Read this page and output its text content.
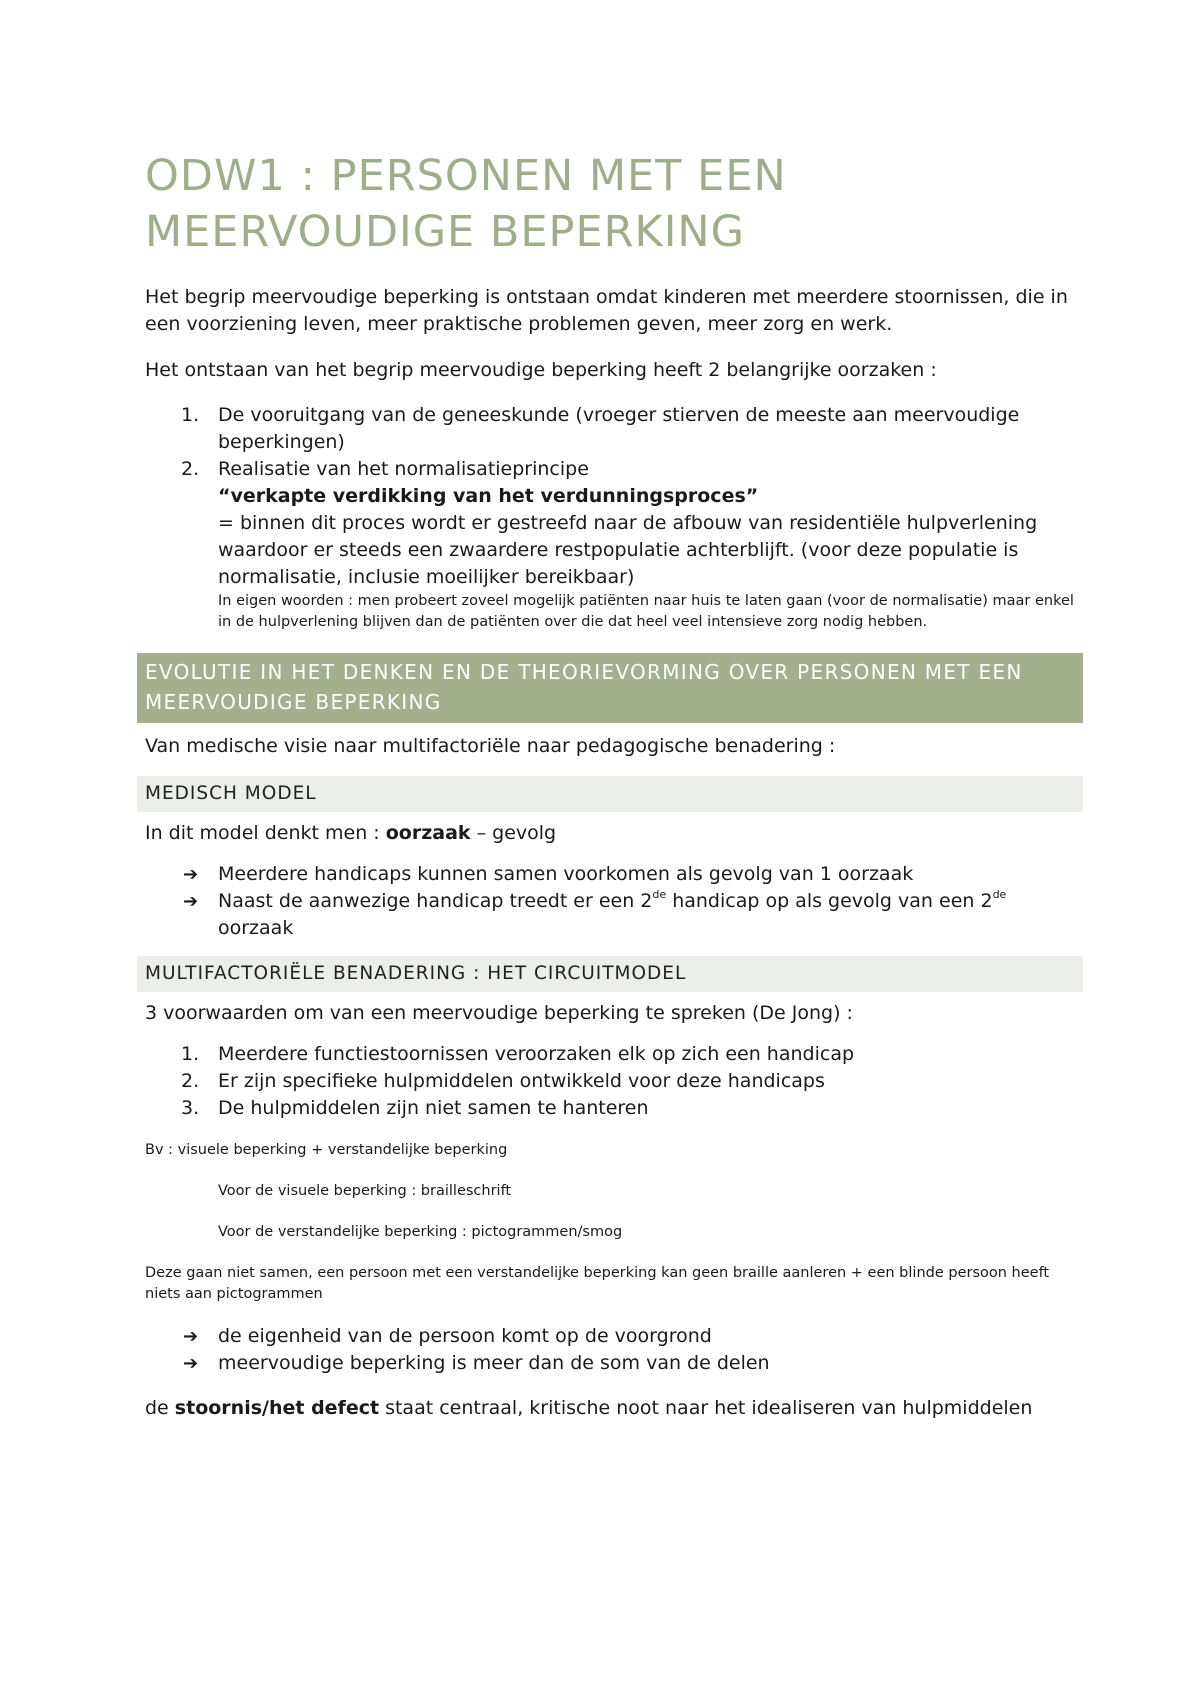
ODW1 : PERSONEN MET EEN MEERVOUDIGE BEPERKING

Het begrip meervoudige beperking is ontstaan omdat kinderen met meerdere stoornissen, die in een voorziening leven, meer praktische problemen geven, meer zorg en werk.

Het ontstaan van het begrip meervoudige beperking heeft 2 belangrijke oorzaken :

1. De vooruitgang van de geneeskunde (vroeger stierven de meeste aan meervoudige beperkingen)
2. Realisatie van het normalisatieprincipe
“verkapte verdikking van het verdunningsproces”
= binnen dit proces wordt er gestreefd naar de afbouw van residentiële hulpverlening waardoor er steeds een zwaardere restpopulatie achterblijft. (voor deze populatie is normalisatie, inclusie moeilijker bereikbaar)
In eigen woorden : men probeert zoveel mogelijk patiënten naar huis te laten gaan (voor de normalisatie) maar enkel in de hulpverlening blijven dan de patiënten over die dat heel veel intensieve zorg nodig hebben.
EVOLUTIE IN HET DENKEN EN DE THEORIEVORMING OVER PERSONEN MET EEN MEERVOUDIGE BEPERKING

Van medische visie naar multifactoriële naar pedagogische benadering :

MEDISCH MODEL

In dit model denkt men : oorzaak – gevolg

➔ Meerdere handicaps kunnen samen voorkomen als gevolg van 1 oorzaak
➔ Naast de aanwezige handicap treedt er een 2de handicap op als gevolg van een 2de oorzaak
MULTIFACTORIËLE BENADERING : HET CIRCUITMODEL

3 voorwaarden om van een meervoudige beperking te spreken (De Jong) :

1. Meerdere functiestoornissen veroorzaken elk op zich een handicap
2. Er zijn specifieke hulpmiddelen ontwikkeld voor deze handicaps
3. De hulpmiddelen zijn niet samen te hanteren

Bv : visuele beperking + verstandelijke beperking

Voor de visuele beperking : brailleschrift

Voor de verstandelijke beperking : pictogrammen/smog

Deze gaan niet samen, een persoon met een verstandelijke beperking kan geen braille aanleren + een blinde persoon heeft niets aan pictogrammen

➔ de eigenheid van de persoon komt op de voorgrond
➔ meervoudige beperking is meer dan de som van de delen

de stoornis/het defect staat centraal, kritische noot naar het idealiseren van hulpmiddelen
